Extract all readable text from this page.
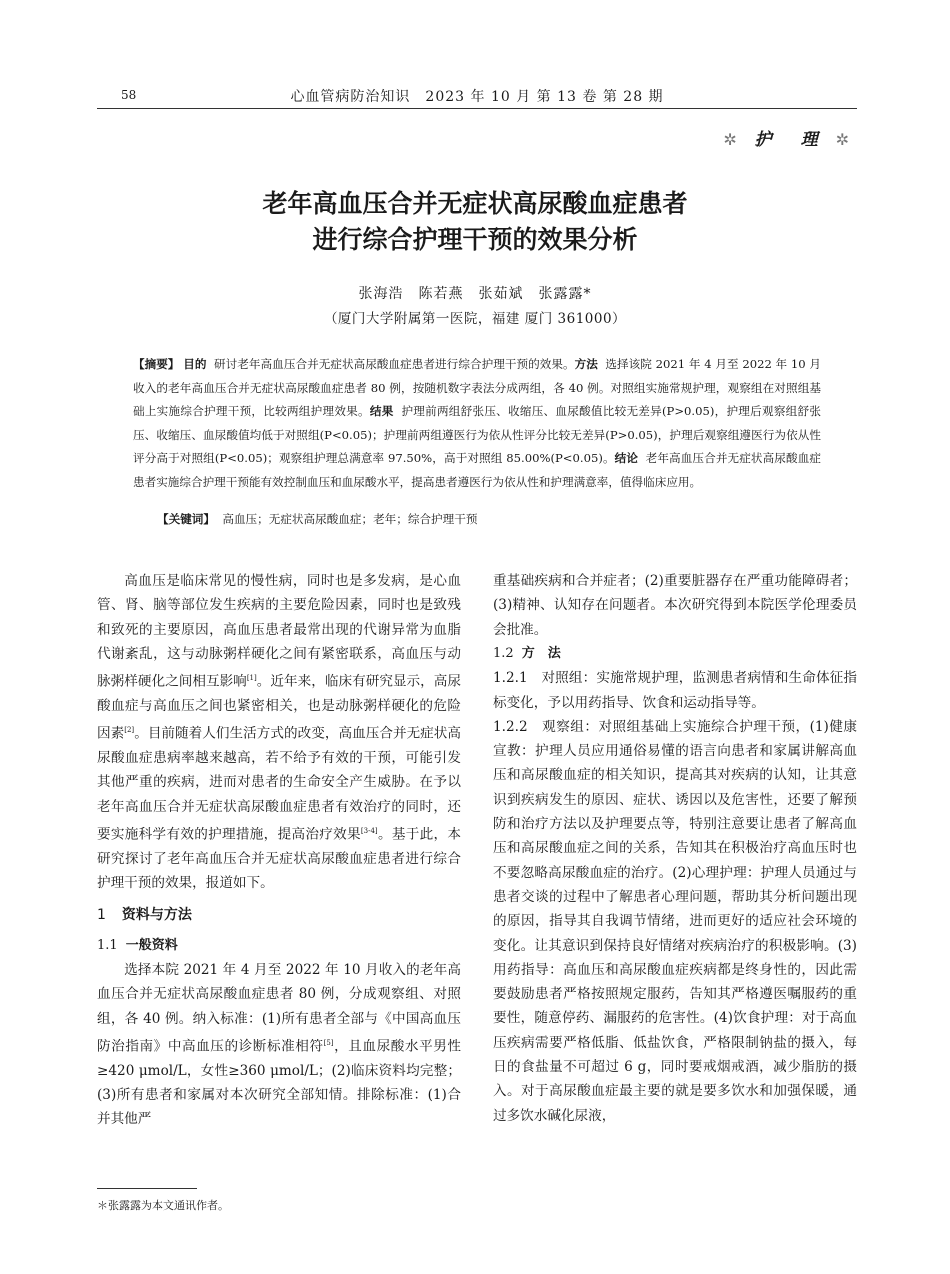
58	心血管病防治知识　2023 年 10 月 第 13 卷 第 28 期
✲ 护　理 ✲
老年高血压合并无症状高尿酸血症患者
进行综合护理干预的效果分析
张海浩　陈若燕　张茹斌　张露露*
（厦门大学附属第一医院，福建 厦门 361000）
【摘要】 目的 研讨老年高血压合并无症状高尿酸血症患者进行综合护理干预的效果。方法 选择该院 2021 年 4 月至 2022 年 10 月收入的老年高血压合并无症状高尿酸血症患者 80 例，按随机数字表法分成两组，各 40 例。对照组实施常规护理，观察组在对照组基础上实施综合护理干预，比较两组护理效果。结果 护理前两组舒张压、收缩压、血尿酸值比较无差异(P>0.05)，护理后观察组舒张压、收缩压、血尿酸值均低于对照组(P<0.05)；护理前两组遵医行为依从性评分比较无差异(P>0.05)，护理后观察组遵医行为依从性评分高于对照组(P<0.05)；观察组护理总满意率 97.50%，高于对照组 85.00%(P<0.05)。结论 老年高血压合并无症状高尿酸血症患者实施综合护理干预能有效控制血压和血尿酸水平，提高患者遵医行为依从性和护理满意率，值得临床应用。
【关键词】 高血压；无症状高尿酸血症；老年；综合护理干预

高血压是临床常见的慢性病，同时也是多发病，是心血管、肾、脑等部位发生疾病的主要危险因素，同时也是致残和致死的主要原因，高血压患者最常出现的代谢异常为血脂代谢紊乱，这与动脉粥样硬化之间有紧密联系，高血压与动脉粥样硬化之间相互影响[1]。近年来，临床有研究显示，高尿酸血症与高血压之间也紧密相关，也是动脉粥样硬化的危险因素[2]。目前随着人们生活方式的改变，高血压合并无症状高尿酸血症患病率越来越高，若不给予有效的干预，可能引发其他严重的疾病，进而对患者的生命安全产生威胁。在予以老年高血压合并无症状高尿酸血症患者有效治疗的同时，还要实施科学有效的护理措施，提高治疗效果[3-4]。基于此，本研究探讨了老年高血压合并无症状高尿酸血症患者进行综合护理干预的效果，报道如下。

1 资料与方法
1.1 一般资料

选择本院 2021 年 4 月至 2022 年 10 月收入的老年高血压合并无症状高尿酸血症患者 80 例，分成观察组、对照组，各 40 例。纳入标准：(1)所有患者全部与《中国高血压防治指南》中高血压的诊断标准相符[5]，且血尿酸水平男性≥420 μmol/L，女性≥360 μmol/L；(2)临床资料均完整；(3)所有患者和家属对本次研究全部知情。排除标准：(1)合并其他严

1.2 方　法

1.2.1　对照组：实施常规护理，监测患者病情和生命体征指标变化，予以用药指导、饮食和运动指导等。

1.2.2　观察组：对照组基础上实施综合护理干预，(1)健康宣教：护理人员应用通俗易懂的语言向患者和家属讲解高血压和高尿酸血症的相关知识，提高其对疾病的认知，让其意识到疾病发生的原因、症状、诱因以及危害性，还要了解预防和治疗方法以及护理要点等，特别注意要让患者了解高血压和高尿酸血症之间的关系，告知其在积极治疗高血压时也不要忽略高尿酸血症的治疗。(2)心理护理：护理人员通过与患者交谈的过程中了解患者心理问题，帮助其分析问题出现的原因，指导其自我调节情绪，进而更好的适应社会环境的变化。让其意识到保持良好情绪对疾病治疗的积极影响。(3)用药指导：高血压和高尿酸血症疾病都是终身性的，因此需要鼓励患者严格按照规定服药，告知其严格遵医嘱服药的重要性，随意停药、漏服药的危害性。(4)饮食护理：对于高血压疾病需要严格低脂、低盐饮食，严格限制钠盐的摄入，每日的食盐量不可超过 6 g，同时要戒烟戒酒，减少脂肪的摄入。对于高尿酸血症最主要的就是要多饮水和加强保暖，通过多饮水碱化尿液，

重基础疾病和合并症者；(2)重要脏器存在严重功能障碍者；(3)精神、认知存在问题者。本次研究得到本院医学伦理委员会批准。

＊张露露为本文通讯作者。
